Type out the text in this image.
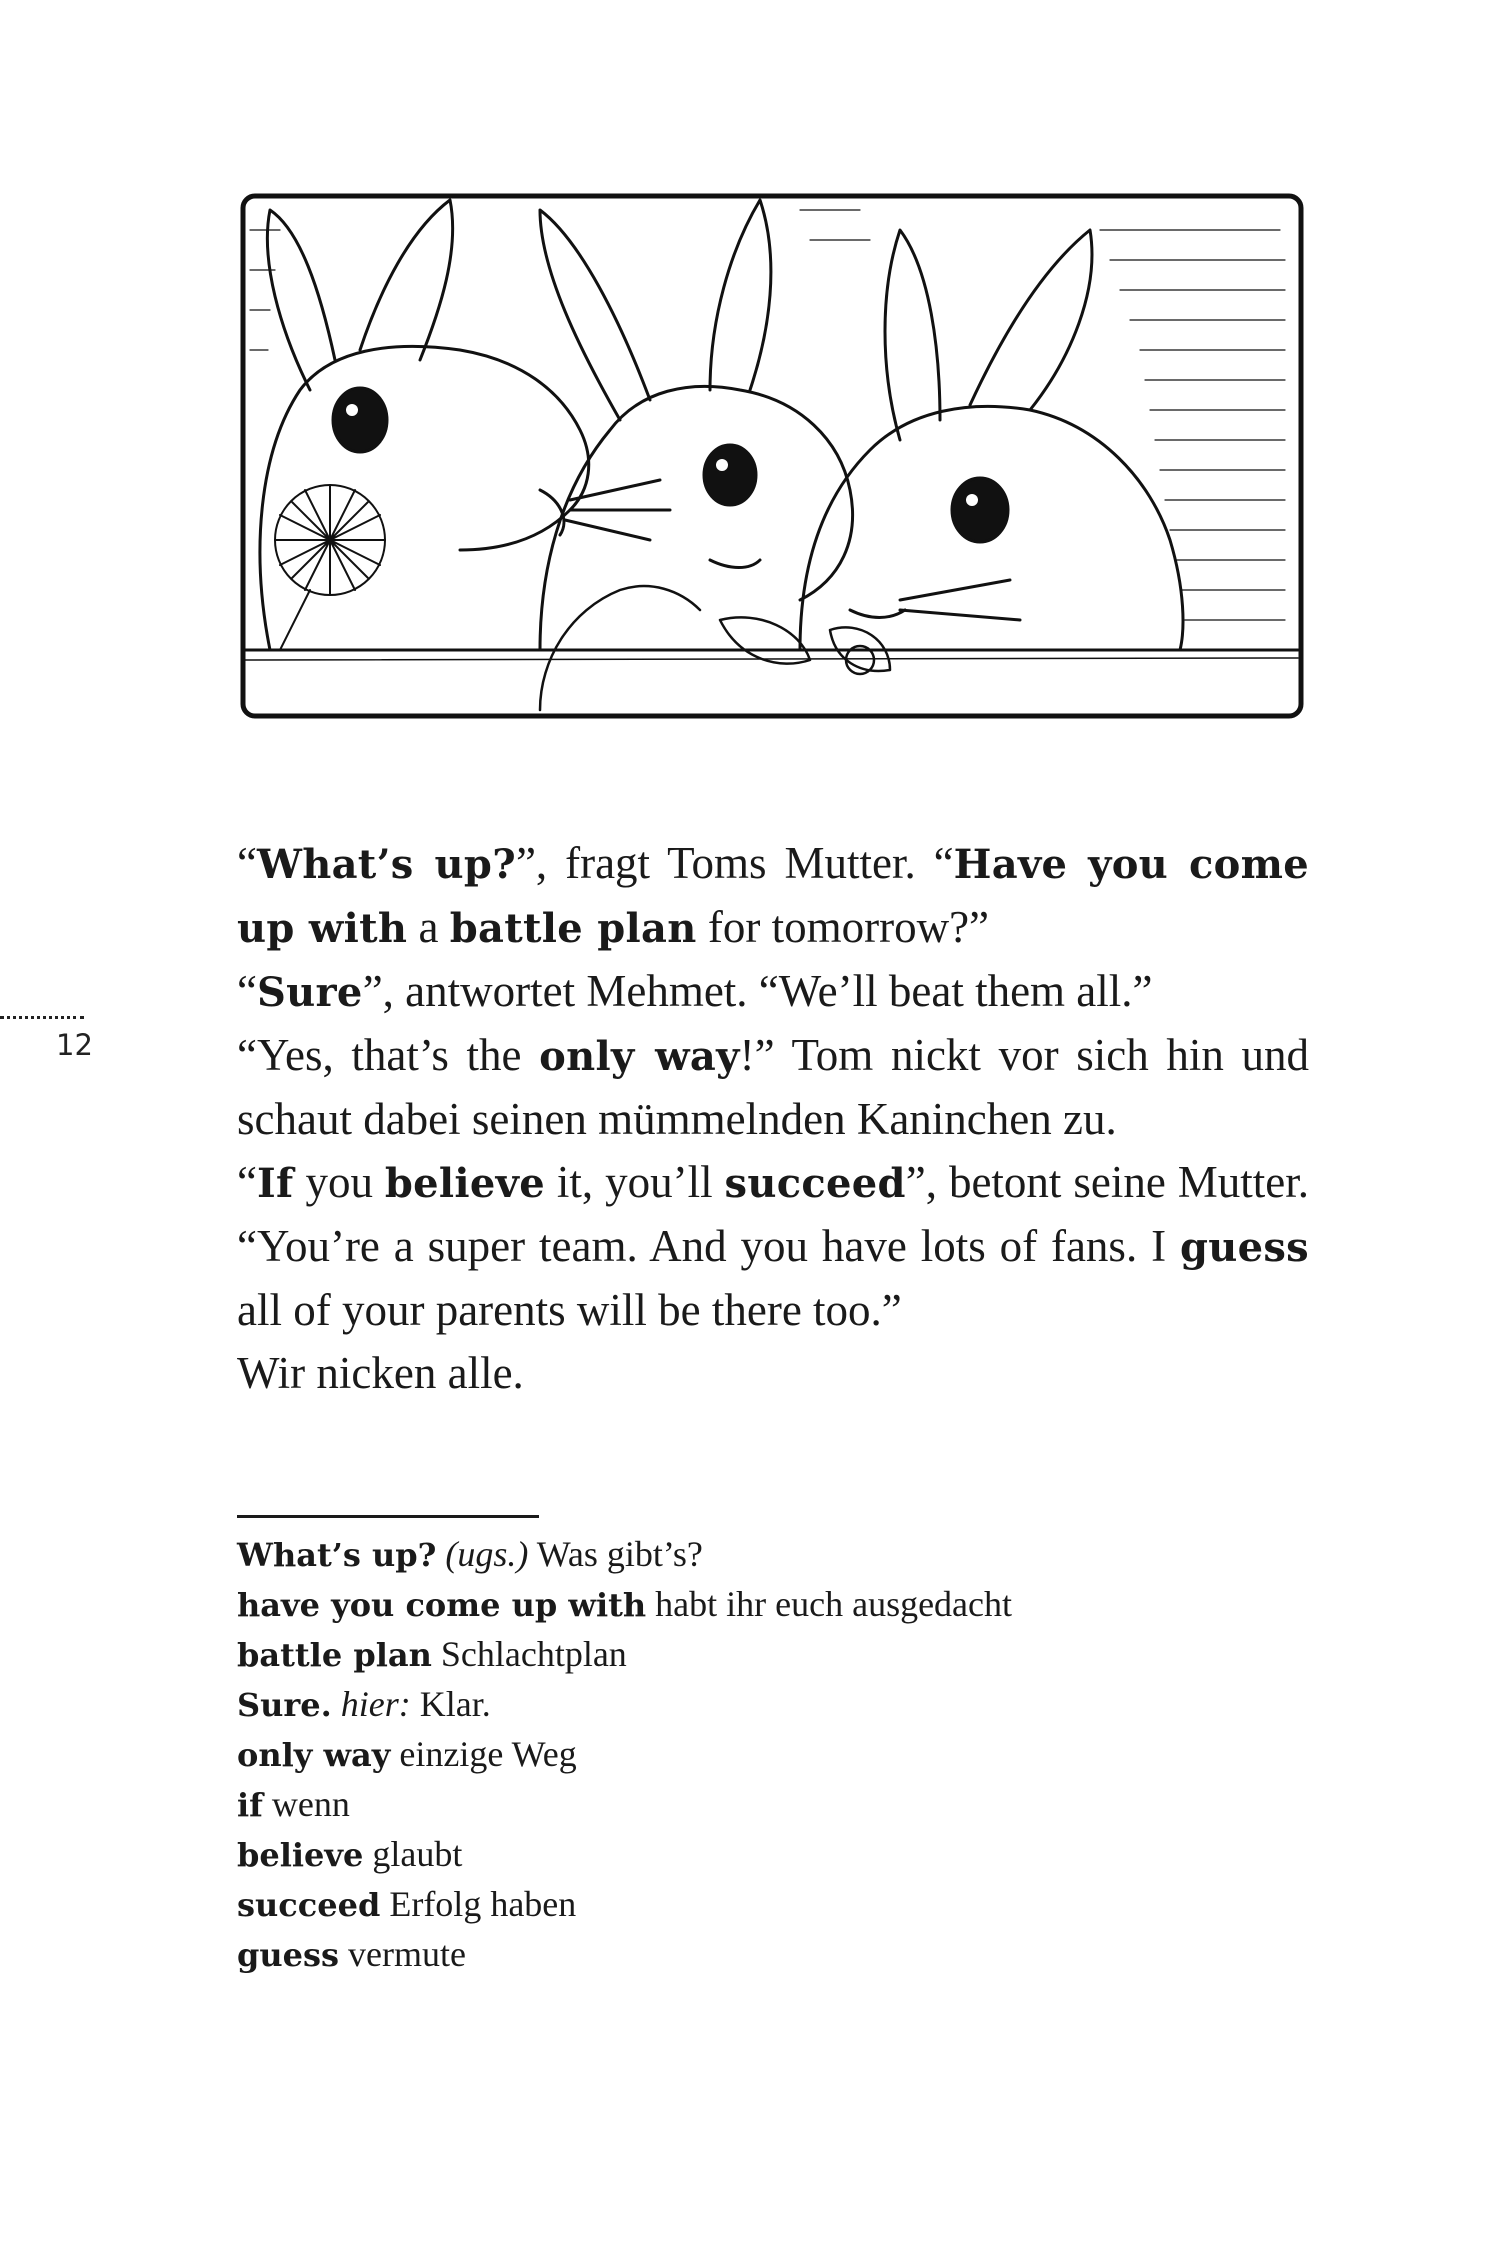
12

“What’s up?”, fragt Toms Mutter. “Have you come up with a battle plan for tomorrow?”

“Sure”, antwortet Mehmet. “We’ll beat them all.”

“Yes, that’s the only way!” Tom nickt vor sich hin und schaut dabei seinen mümmelnden Kaninchen zu.

“If you believe it, you’ll succeed”, betont seine Mutter. “You’re a super team. And you have lots of fans. I guess all of your parents will be there too.”

Wir nicken alle.

What’s up? (ugs.) Was gibt’s?
have you come up with habt ihr euch ausgedacht
battle plan Schlachtplan
Sure. hier: Klar.
only way einzige Weg
if wenn
believe glaubt
succeed Erfolg haben
guess vermute
